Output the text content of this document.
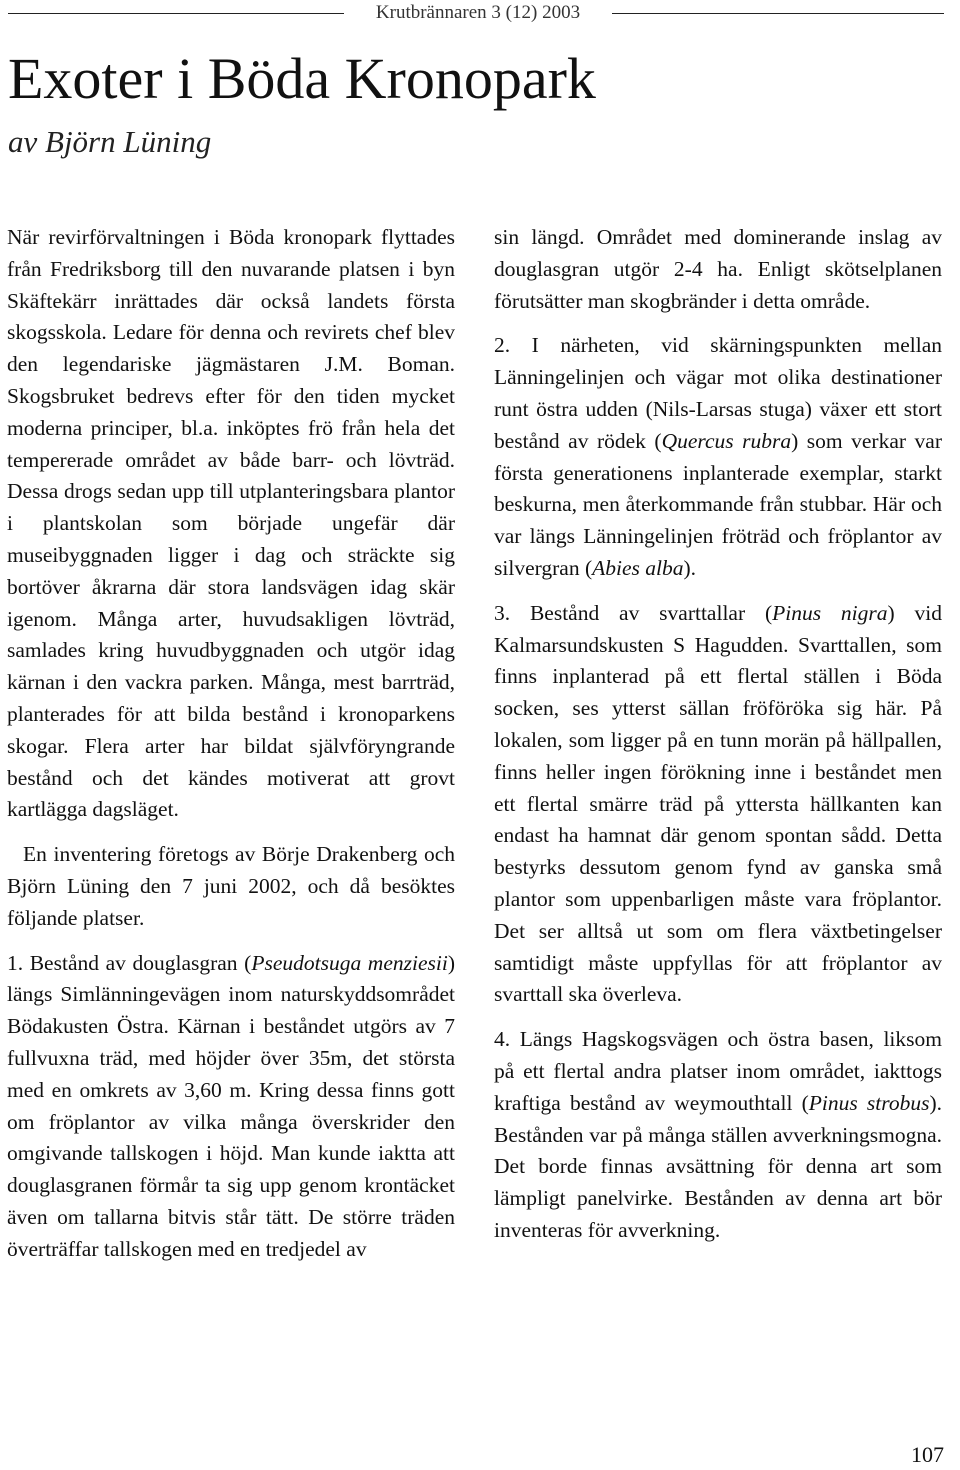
Krutbrännaren 3 (12) 2003
Exoter i Böda Kronopark
av Björn Lüning

När revirförvaltningen i Böda kronopark flyttades från Fredriksborg till den nuvarande platsen i byn Skäftekärr inrättades där också landets första skogsskola. Ledare för denna och revirets chef blev den legendariske jägmästaren J.M. Boman. Skogsbruket bedrevs efter för den tiden mycket moderna principer, bl.a. inköptes frö från hela det tempererade området av både barr- och lövträd. Dessa drogs sedan upp till utplanteringsbara plantor i plantskolan som började ungefär där museibyggnaden ligger i dag och sträckte sig bortöver åkrarna där stora landsvägen idag skär igenom. Många arter, huvudsakligen lövträd, samlades kring huvudbyggnaden och utgör idag kärnan i den vackra parken. Många, mest barrträd, planterades för att bilda bestånd i kronoparkens skogar. Flera arter har bildat självföryngrande bestånd och det kändes motiverat att grovt kartlägga dagsläget.

En inventering företogs av Börje Drakenberg och Björn Lüning den 7 juni 2002, och då besöktes följande platser.

1. Bestånd av douglasgran (Pseudotsuga menziesii) längs Simlänningevägen inom naturskyddsområdet Bödakusten Östra. Kärnan i beståndet utgörs av 7 fullvuxna träd, med höjder över 35m, det största med en omkrets av 3,60 m. Kring dessa finns gott om fröplantor av vilka många överskrider den omgivande tallskogen i höjd. Man kunde iaktta att douglasgranen förmår ta sig upp genom krontäcket även om tallarna bitvis står tätt. De större träden överträffar tallskogen med en tredjedel av

sin längd. Området med dominerande inslag av douglasgran utgör 2-4 ha. Enligt skötselplanen förutsätter man skogbränder i detta område.

2. I närheten, vid skärningspunkten mellan Länningelinjen och vägar mot olika destinationer runt östra udden (Nils-Larsas stuga) växer ett stort bestånd av rödek (Quercus rubra) som verkar var första generationens inplanterade exemplar, starkt beskurna, men återkommande från stubbar. Här och var längs Länningelinjen fröträd och fröplantor av silvergran (Abies alba).

3. Bestånd av svarttallar (Pinus nigra) vid Kalmarsundskusten S Hagudden. Svarttallen, som finns inplanterad på ett flertal ställen i Böda socken, ses ytterst sällan fröföröka sig här. På lokalen, som ligger på en tunn morän på hällpallen, finns heller ingen förökning inne i beståndet men ett flertal smärre träd på yttersta hällkanten kan endast ha hamnat där genom spontan sådd. Detta bestyrks dessutom genom fynd av ganska små plantor som uppenbarligen måste vara fröplantor. Det ser alltså ut som om flera växtbetingelser samtidigt måste uppfyllas för att fröplantor av svarttall ska överleva.

4. Längs Hagskogsvägen och östra basen, liksom på ett flertal andra platser inom området, iakttogs kraftiga bestånd av weymouthtall (Pinus strobus). Bestånden var på många ställen avverkningsmogna. Det borde finnas avsättning för denna art som lämpligt panelvirke. Bestånden av denna art bör inventeras för avverkning.

107
